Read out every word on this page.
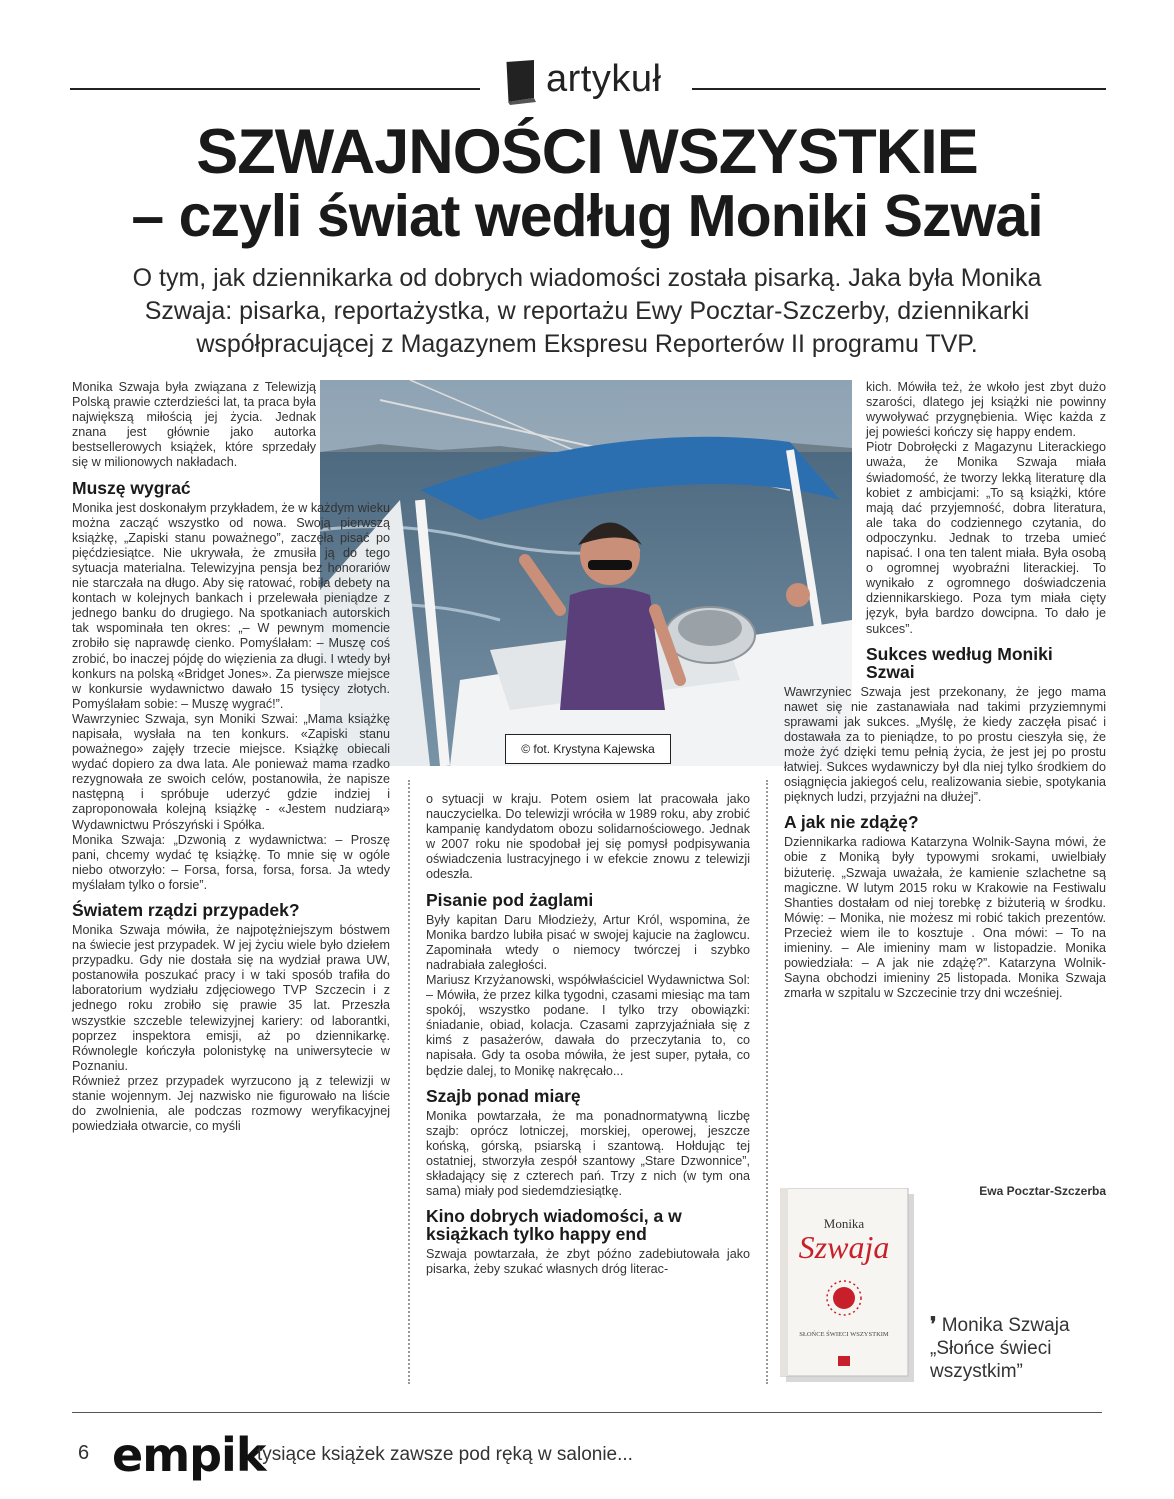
artykuł
SZWAJNOŚCI WSZYSTKIE
– czyli świat według Moniki Szwai
O tym, jak dziennikarka od dobrych wiadomości została pisarką. Jaka była Monika
Szwaja: pisarka, reportażystka, w reportażu Ewy Pocztar-Szczerby, dziennikarki
współpracującej z Magazynem Ekspresu Reporterów II programu TVP.
© fot. Krystyna Kajewska

Monika Szwaja była związana z Telewizją Polską prawie czterdzieści lat, ta praca była największą miłością jej życia. Jednak znana jest głównie jako autorka bestsellerowych książek, które sprzedały się w milionowych nakładach.

Muszę wygrać

Monika jest doskonałym przykładem, że w każdym wieku można zacząć wszystko od nowa. Swoją pierwszą książkę, „Zapiski stanu poważnego”, zaczęła pisać po pięćdziesiątce. Nie ukrywała, że zmusiła ją do tego sytuacja materialna. Telewizyjna pensja bez honorariów nie starczała na długo. Aby się ratować, robiła debety na kontach w kolejnych bankach i przelewała pieniądze z jednego banku do drugiego. Na spotkaniach autorskich tak wspominała ten okres: „– W pewnym momencie zrobiło się naprawdę cienko. Pomyślałam: – Muszę coś zrobić, bo inaczej pójdę do więzienia za długi. I wtedy był konkurs na polską «Bridget Jones». Za pierwsze miejsce w konkursie wydawnictwo dawało 15 tysięcy złotych. Pomyślałam sobie: – Muszę wygrać!”.

Wawrzyniec Szwaja, syn Moniki Szwai: „Mama książkę napisała, wysłała na ten konkurs. «Zapiski stanu poważnego» zajęły trzecie miejsce. Książkę obiecali wydać dopiero za dwa lata. Ale ponieważ mama rzadko rezygnowała ze swoich celów, postanowiła, że napisze następną i spróbuje uderzyć gdzie indziej i zaproponowała kolejną książkę - «Jestem nudziarą» Wydawnictwu Prószyński i Spółka.

Monika Szwaja: „Dzwonią z wydawnictwa: – Proszę pani, chcemy wydać tę książkę. To mnie się w ogóle niebo otworzyło: – Forsa, forsa, forsa, forsa. Ja wtedy myślałam tylko o forsie”.

Światem rządzi przypadek?

Monika Szwaja mówiła, że najpotężniejszym bóstwem na świecie jest przypadek. W jej życiu wiele było dziełem przypadku. Gdy nie dostała się na wydział prawa UW, postanowiła poszukać pracy i w taki sposób trafiła do laboratorium wydziału zdjęciowego TVP Szczecin i z jednego roku zrobiło się prawie 35 lat. Przeszła wszystkie szczeble telewizyjnej kariery: od laborantki, poprzez inspektora emisji, aż po dziennikarkę. Równolegle kończyła polonistykę na uniwersytecie w Poznaniu.

Również przez przypadek wyrzucono ją z telewizji w stanie wojennym. Jej nazwisko nie figurowało na liście do zwolnienia, ale podczas rozmowy weryfikacyjnej powiedziała otwarcie, co myśli

o sytuacji w kraju. Potem osiem lat pracowała jako nauczycielka. Do telewizji wróciła w 1989 roku, aby zrobić kampanię kandydatom obozu solidarnościowego. Jednak w 2007 roku nie spodobał jej się pomysł podpisywania oświadczenia lustracyjnego i w efekcie znowu z telewizji odeszła.

Pisanie pod żaglami

Były kapitan Daru Młodzieży, Artur Król, wspomina, że Monika bardzo lubiła pisać w swojej kajucie na żaglowcu. Zapominała wtedy o niemocy twórczej i szybko nadrabiała zaległości.

Mariusz Krzyżanowski, współwłaściciel Wydawnictwa Sol: – Mówiła, że przez kilka tygodni, czasami miesiąc ma tam spokój, wszystko podane. I tylko trzy obowiązki: śniadanie, obiad, kolacja. Czasami zaprzyjaźniała się z kimś z pasażerów, dawała do przeczytania to, co napisała. Gdy ta osoba mówiła, że jest super, pytała, co będzie dalej, to Monikę nakręcało...

Szajb ponad miarę

Monika powtarzała, że ma ponadnormatywną liczbę szajb: oprócz lotniczej, morskiej, operowej, jeszcze końską, górską, psiarską i szantową. Hołdując tej ostatniej, stworzyła zespół szantowy „Stare Dzwonnice”, składający się z czterech pań. Trzy z nich (w tym ona sama) miały pod siedemdziesiątkę.

Kino dobrych wiadomości, a w książkach tylko happy end

Szwaja powtarzała, że zbyt późno zadebiutowała jako pisarka, żeby szukać własnych dróg literac-

kich. Mówiła też, że wkoło jest zbyt dużo szarości, dlatego jej książki nie powinny wywoływać przygnębienia. Więc każda z jej powieści kończy się happy endem.

Piotr Dobrołęcki z Magazynu Literackiego uważa, że Monika Szwaja miała świadomość, że tworzy lekką literaturę dla kobiet z ambicjami: „To są książki, które mają dać przyjemność, dobra literatura, ale taka do codziennego czytania, do odpoczynku. Jednak to trzeba umieć napisać. I ona ten talent miała. Była osobą o ogromnej wyobraźni literackiej. To wynikało z ogromnego doświadczenia dziennikarskiego. Poza tym miała cięty język, była bardzo dowcipna. To dało je sukces”.

Sukces według Moniki Szwai

Wawrzyniec Szwaja jest przekonany, że jego mama nawet się nie zastanawiała nad takimi przyziemnymi sprawami jak sukces. „Myślę, że kiedy zaczęła pisać i dostawała za to pieniądze, to po prostu cieszyła się, że może żyć dzięki temu pełnią życia, że jest jej po prostu łatwiej. Sukces wydawniczy był dla niej tylko środkiem do osiągnięcia jakiegoś celu, realizowania siebie, spotykania pięknych ludzi, przyjaźni na dłużej”.

A jak nie zdążę?

Dziennikarka radiowa Katarzyna Wolnik-Sayna mówi, że obie z Moniką były typowymi srokami, uwielbiały biżuterię. „Szwaja uważała, że kamienie szlachetne są magiczne. W lutym 2015 roku w Krakowie na Festiwalu Shanties dostałam od niej torebkę z biżuterią w środku. Mówię: – Monika, nie możesz mi robić takich prezentów. Przecież wiem ile to kosztuje . Ona mówi: – To na imieniny. – Ale imieniny mam w listopadzie. Monika powiedziała: – A jak nie zdążę?”. Katarzyna Wolnik-Sayna obchodzi imieniny 25 listopada. Monika Szwaja zmarła w szpitalu w Szczecinie trzy dni wcześniej.

Ewa Pocztar-Szczerba
Monika
Szwaja
SŁOŃCE ŚWIECI WSZYSTKIM ❜ Monika Szwaja
„Słońce świeci
wszystkim”
6 empik
tysiące książek zawsze pod ręką w salonie...
